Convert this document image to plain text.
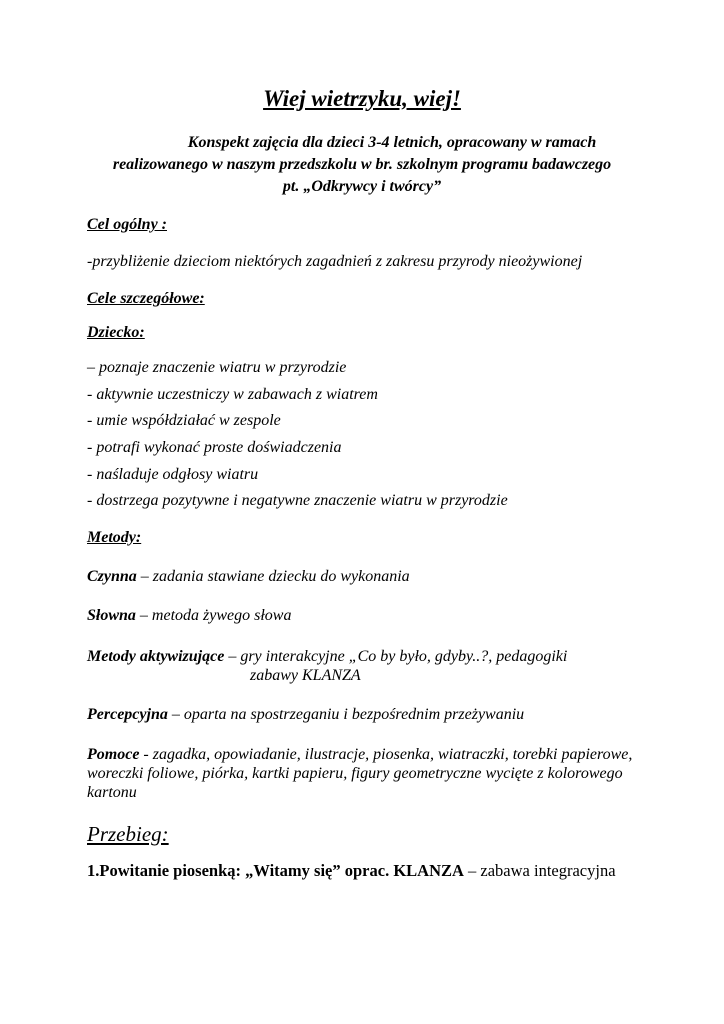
Wiej wietrzyku, wiej!
Konspekt zajęcia dla dzieci 3-4 letnich, opracowany w ramach
realizowanego w naszym przedszkolu w br. szkolnym programu badawczego
pt. „Odkrywcy i twórcy”
Cel ogólny :
-przybliżenie dzieciom niektórych zagadnień z zakresu przyrody nieożywionej
Cele szczegółowe:
Dziecko:
– poznaje znaczenie wiatru w przyrodzie
- aktywnie uczestniczy w zabawach z wiatrem
- umie współdziałać w zespole
- potrafi wykonać proste doświadczenia
- naśladuje odgłosy wiatru
- dostrzega pozytywne i negatywne znaczenie wiatru w przyrodzie
Metody:
Czynna – zadania stawiane dziecku do wykonania
Słowna – metoda żywego słowa
Metody aktywizujące – gry interakcyjne „Co by było, gdyby..?, pedagogiki
zabawy KLANZA
Percepcyjna – oparta na spostrzeganiu i bezpośrednim przeżywaniu
Pomoce - zagadka, opowiadanie, ilustracje, piosenka, wiatraczki, torebki papierowe, woreczki foliowe, piórka, kartki papieru, figury geometryczne wycięte z kolorowego kartonu
Przebieg:
1.Powitanie piosenką: „Witamy się” oprac. KLANZA – zabawa integracyjna
